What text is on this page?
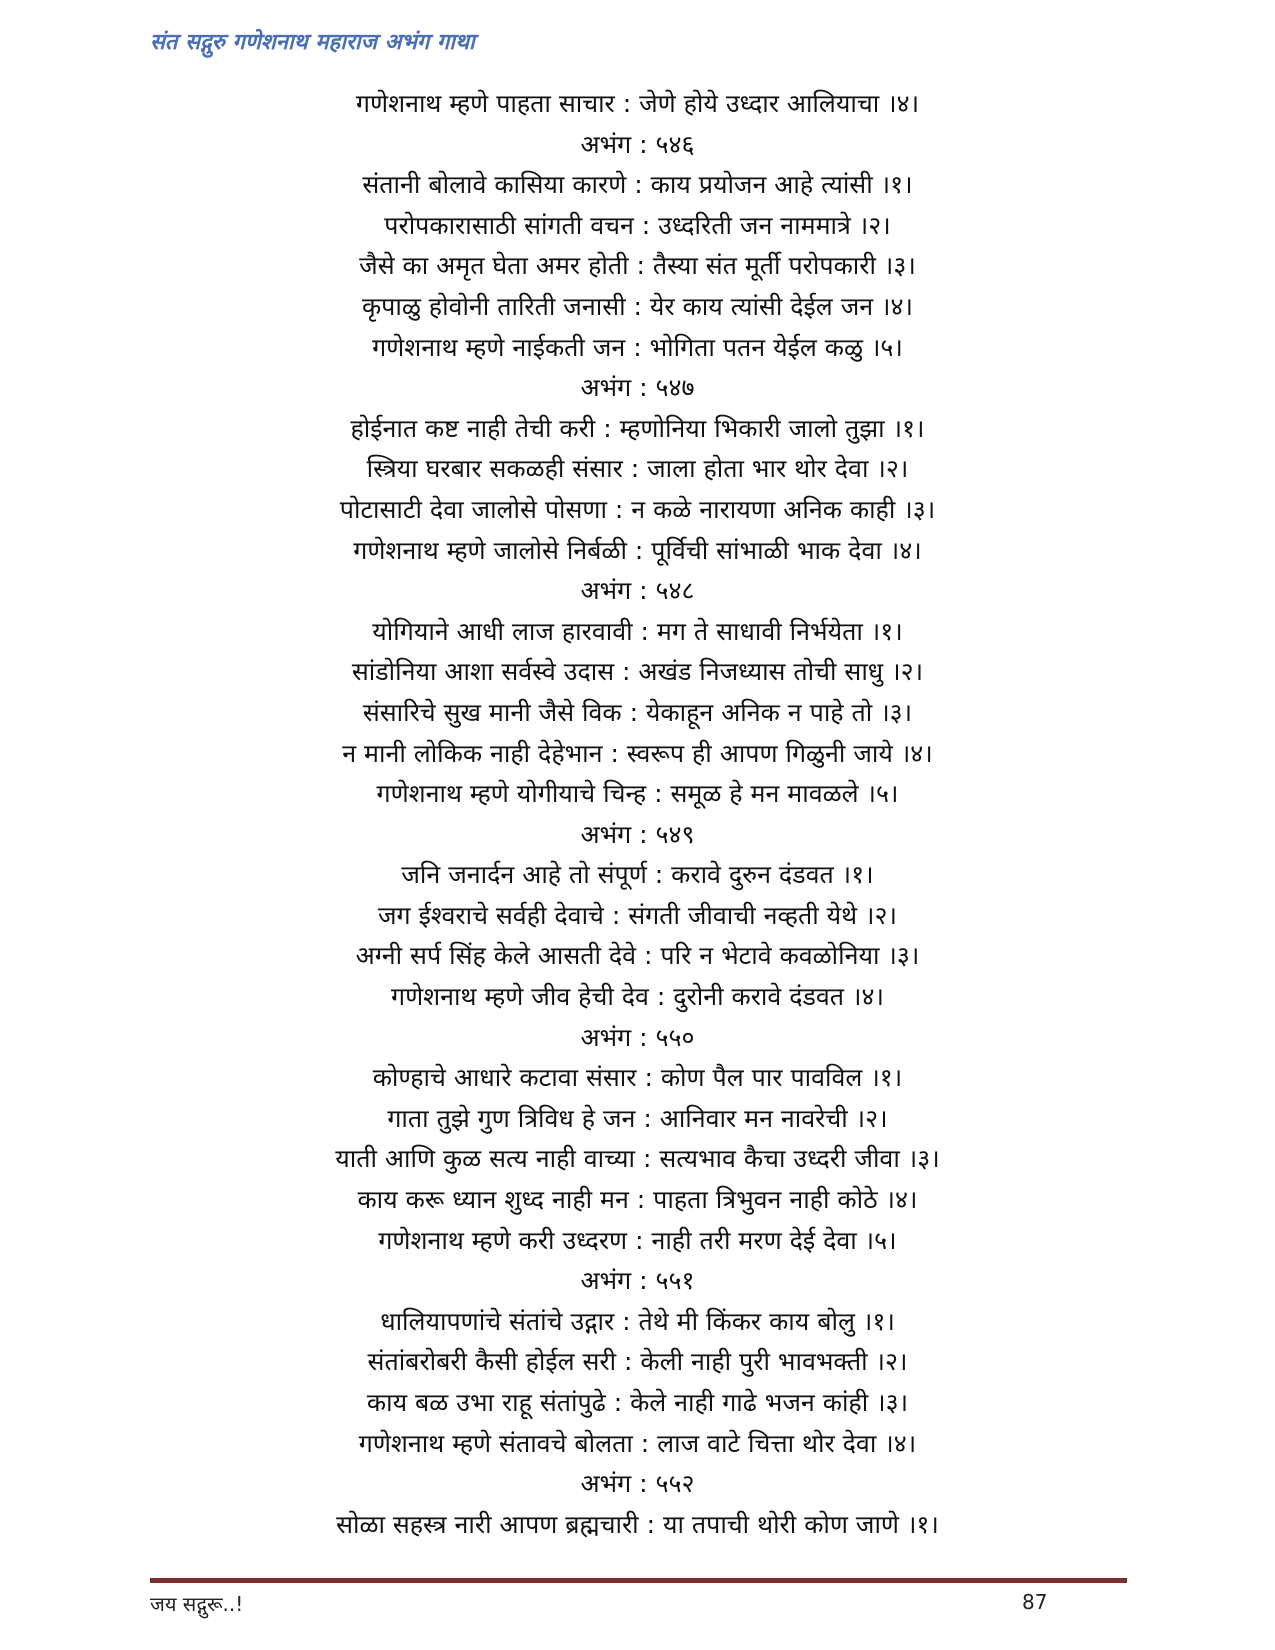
संत सद्गुरु गणेशनाथ महाराज अभंग गाथा
गणेशनाथ म्हणे पाहता साचार : जेणे होये उध्दार आलियाचा ।४।
अभंग : ५४६
संतानी बोलावे कासिया कारणे : काय प्रयोजन आहे त्यांसी ।१।
परोपकारासाठी सांगती वचन : उध्दरिती जन नाममात्रे ।२।
जैसे का अमृत घेता अमर होती : तैस्या संत मूर्ती परोपकारी ।३।
कृपाळु होवोनी तारिती जनासी : येर काय त्यांसी देईल जन ।४।
गणेशनाथ म्हणे नाईकती जन : भोगिता पतन येईल कळु ।५।
अभंग : ५४७
होईनात कष्ट नाही तेची करी : म्हणोनिया भिकारी जालो तुझा ।१।
स्त्रिया घरबार सकळही संसार : जाला होता भार थोर देवा ।२।
पोटासाटी देवा जालोसे पोसणा : न कळे नारायणा अनिक काही ।३।
गणेशनाथ म्हणे जालोसे निर्बळी : पूर्विची सांभाळी भाक देवा ।४।
अभंग : ५४८
योगियाने आधी लाज हारवावी : मग ते साधावी निर्भयेता ।१।
सांडोनिया आशा सर्वस्वे उदास : अखंड निजध्यास तोची साधु ।२।
संसारिचे सुख मानी जैसे विक : येकाहून अनिक न पाहे तो ।३।
न मानी लोकिक नाही देहेभान : स्वरूप ही आपण गिळुनी जाये ।४।
गणेशनाथ म्हणे योगीयाचे चिन्ह : समूळ हे मन मावळले ।५।
अभंग : ५४९
जनि जनार्दन आहे तो संपूर्ण : करावे दुरुन दंडवत ।१।
जग ईश्वराचे सर्वही देवाचे : संगती जीवाची नव्हती येथे ।२।
अग्नी सर्प सिंह केले आसती देवे : परि न भेटावे कवळोनिया ।३।
गणेशनाथ म्हणे जीव हेची देव : दुरोनी करावे दंडवत ।४।
अभंग : ५५०
कोण्हाचे आधारे कटावा संसार : कोण पैल पार पावविल ।१।
गाता तुझे गुण त्रिविध हे जन : आनिवार मन नावरेची ।२।
याती आणि कुळ सत्य नाही वाच्या : सत्यभाव कैचा उध्दरी जीवा ।३।
काय करू ध्यान शुध्द नाही मन : पाहता त्रिभुवन नाही कोठे ।४।
गणेशनाथ म्हणे करी उध्दरण : नाही तरी मरण देई देवा ।५।
अभंग : ५५१
धालियापणांचे संतांचे उद्गार : तेथे मी किंकर काय बोलु ।१।
संतांबरोबरी कैसी होईल सरी : केली नाही पुरी भावभक्ती ।२।
काय बळ उभा राहू संतांपुढे : केले नाही गाढे भजन कांही ।३।
गणेशनाथ म्हणे संतावचे बोलता : लाज वाटे चित्ता थोर देवा ।४।
अभंग : ५५२
सोळा सहस्त्र नारी आपण ब्रह्मचारी : या तपाची थोरी कोण जाणे ।१।
जय सद्गुरू..!	87
